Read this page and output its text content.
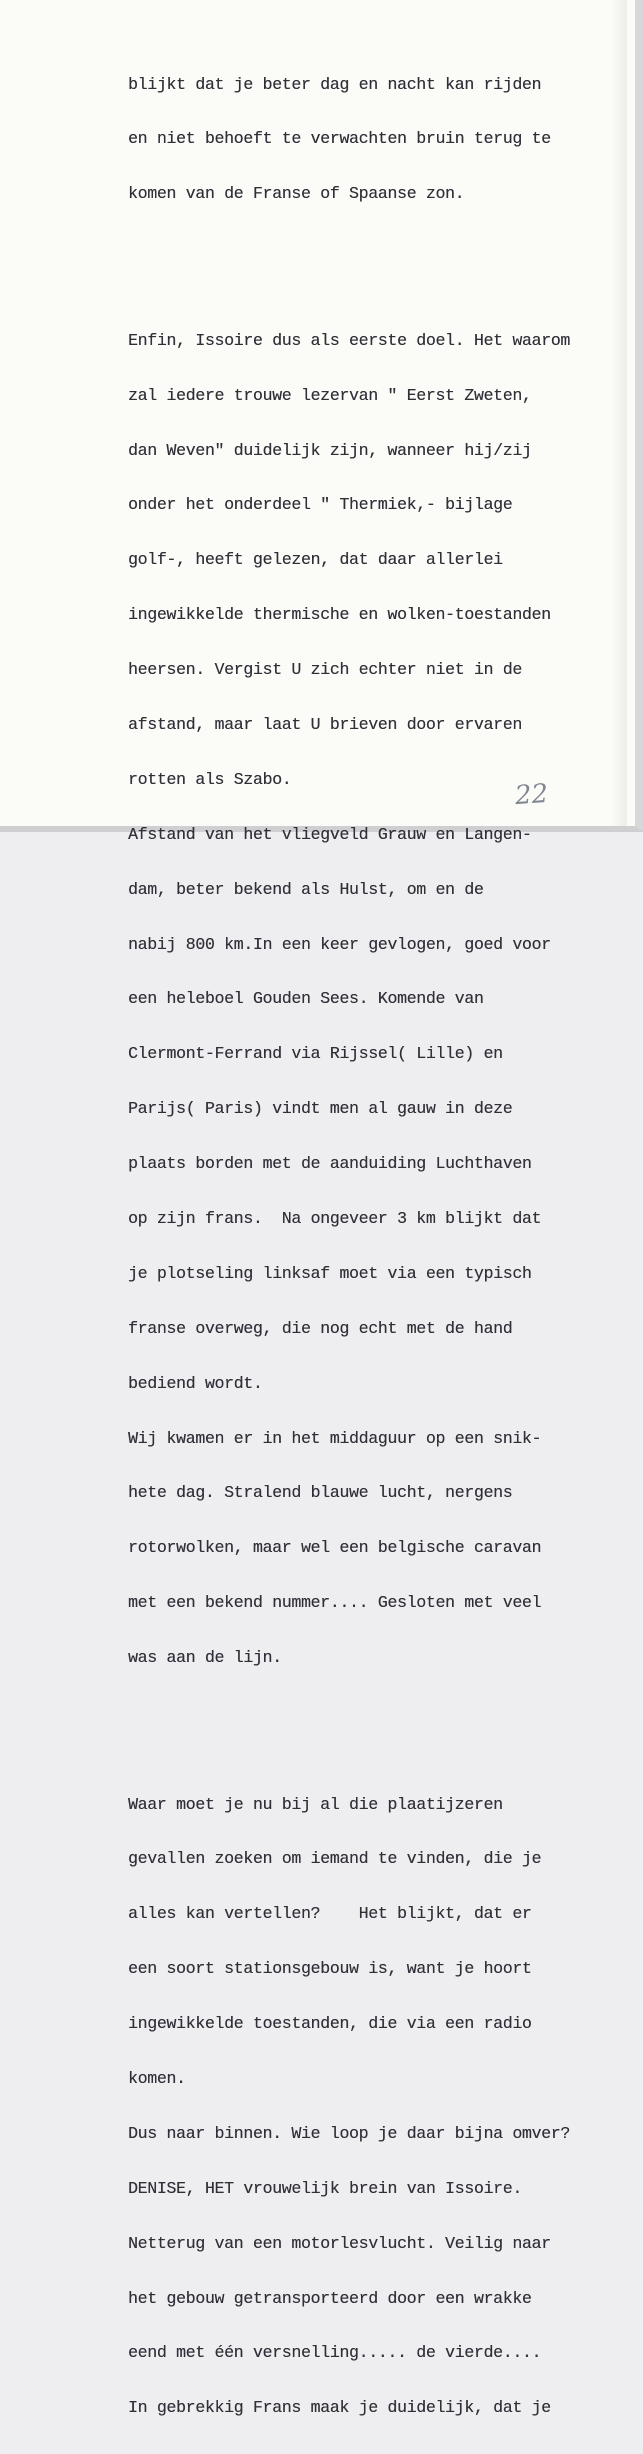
blijkt dat je beter dag en nacht kan rijden

en niet behoeft te verwachten bruin terug te

komen van de Franse of Spaanse zon.

Enfin, Issoire dus als eerste doel. Het waarom

zal iedere trouwe lezervan " Eerst Zweten,

dan Weven" duidelijk zijn, wanneer hij/zij

onder het onderdeel " Thermiek,- bijlage

golf-, heeft gelezen, dat daar allerlei

ingewikkelde thermische en wolken-toestanden

heersen. Vergist U zich echter niet in de

afstand, maar laat U brieven door ervaren

rotten als Szabo.

Afstand van het vliegveld Grauw en Langen-

dam, beter bekend als Hulst, om en de

nabij 800 km.In een keer gevlogen, goed voor

een heleboel Gouden Sees. Komende van

Clermont-Ferrand via Rijssel( Lille) en

Parijs( Paris) vindt men al gauw in deze

plaats borden met de aanduiding Luchthaven

op zijn frans.  Na ongeveer 3 km blijkt dat

je plotseling linksaf moet via een typisch

franse overweg, die nog echt met de hand

bediend wordt.

Wij kwamen er in het middaguur op een snik-

hete dag. Stralend blauwe lucht, nergens

rotorwolken, maar wel een belgische caravan

met een bekend nummer.... Gesloten met veel

was aan de lijn.

Waar moet je nu bij al die plaatijzeren

gevallen zoeken om iemand te vinden, die je

alles kan vertellen?    Het blijkt, dat er

een soort stationsgebouw is, want je hoort

ingewikkelde toestanden, die via een radio

komen.

Dus naar binnen. Wie loop je daar bijna omver?

DENISE, HET vrouwelijk brein van Issoire.

Netterug van een motorlesvlucht. Veilig naar

het gebouw getransporteerd door een wrakke

eend met één versnelling..... de vierde....

In gebrekkig Frans maak je duidelijk, dat je

22
